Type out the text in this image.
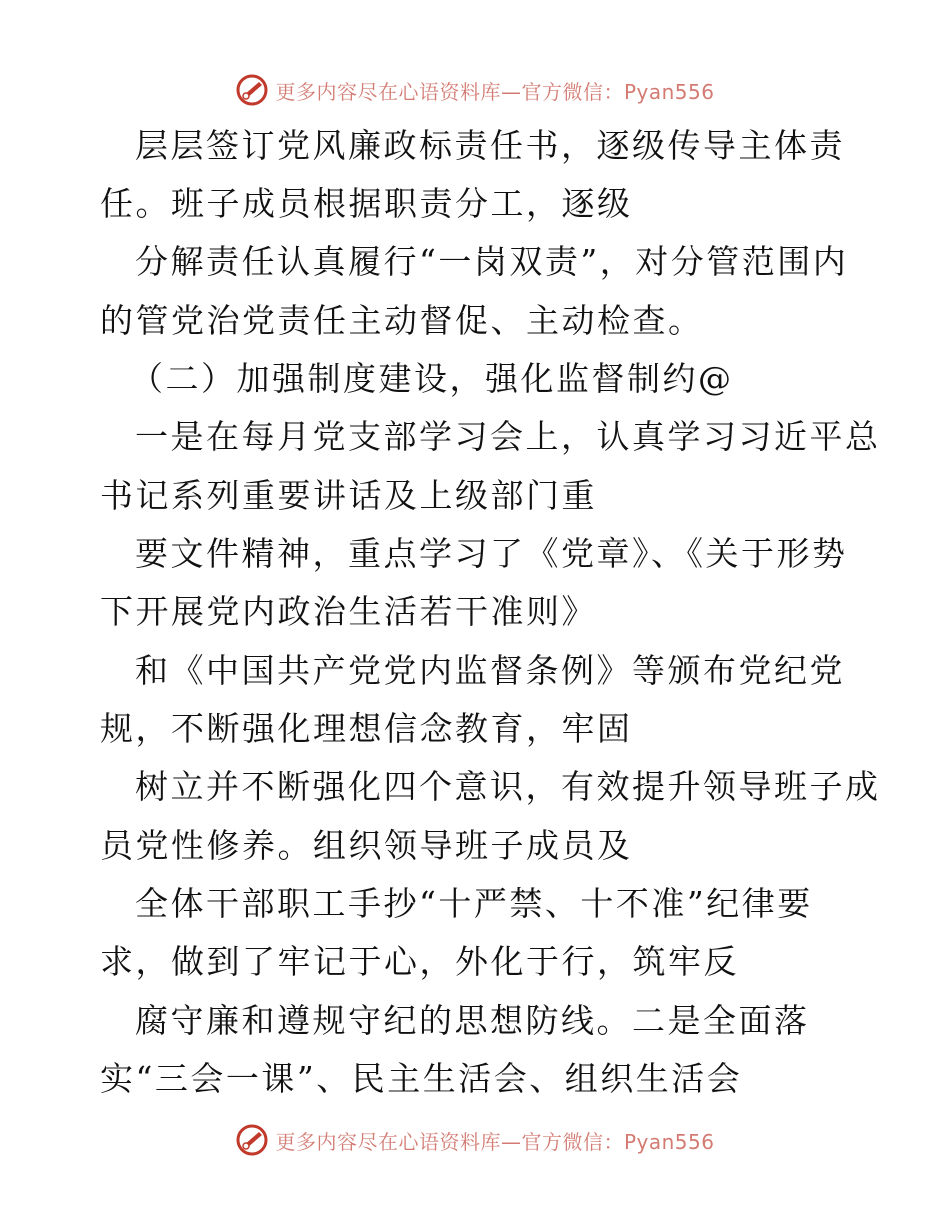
更多内容尽在心语资料库—官方微信：Pyan556
层层签订党风廉政标责任书，逐级传导主体责
任。班子成员根据职责分工，逐级
分解责任认真履行“一岗双责”，对分管范围内
的管党治党责任主动督促、主动检查。
（二）加强制度建设，强化监督制约@
一是在每月党支部学习会上，认真学习习近平总
书记系列重要讲话及上级部门重
要文件精神，重点学习了《党章》、《关于形势
下开展党内政治生活若干准则》
和《中国共产党党内监督条例》等颁布党纪党
规，不断强化理想信念教育，牢固
树立并不断强化四个意识，有效提升领导班子成
员党性修养。组织领导班子成员及
全体干部职工手抄“十严禁、十不准”纪律要
求，做到了牢记于心，外化于行，筑牢反
腐守廉和遵规守纪的思想防线。二是全面落
实“三会一课”、民主生活会、组织生活会
更多内容尽在心语资料库—官方微信：Pyan556
